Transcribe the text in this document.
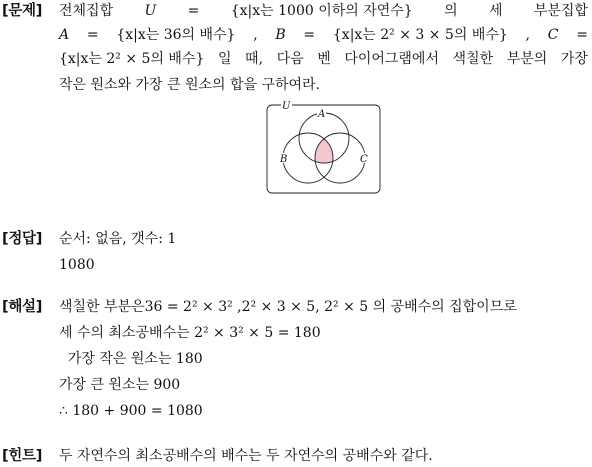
[문제] 전체집합 U = {x|x는 1000 이하의 자연수} 의 세 부분집합
A = {x|x는 36의 배수} , B = {x|x는 2² × 3 × 5의 배수} , C =
{x|x는 2² × 5의 배수} 일 때, 다음 벤 다이어그램에서 색칠한 부분의 가장
작은 원소와 가장 큰 원소의 합을 구하여라.
U
A
B	C
[정답] 순서: 없음, 갯수: 1
1080
[해설] 색칠한 부분은36 = 2² × 3² ,2² × 3 × 5, 2² × 5 의 공배수의 집합이므로
세 수의 최소공배수는 2² × 3² × 5 = 180
가장 작은 원소는 180
가장 큰 원소는 900
∴ 180 + 900 = 1080
[힌트] 두 자연수의 최소공배수의 배수는 두 자연수의 공배수와 같다.
